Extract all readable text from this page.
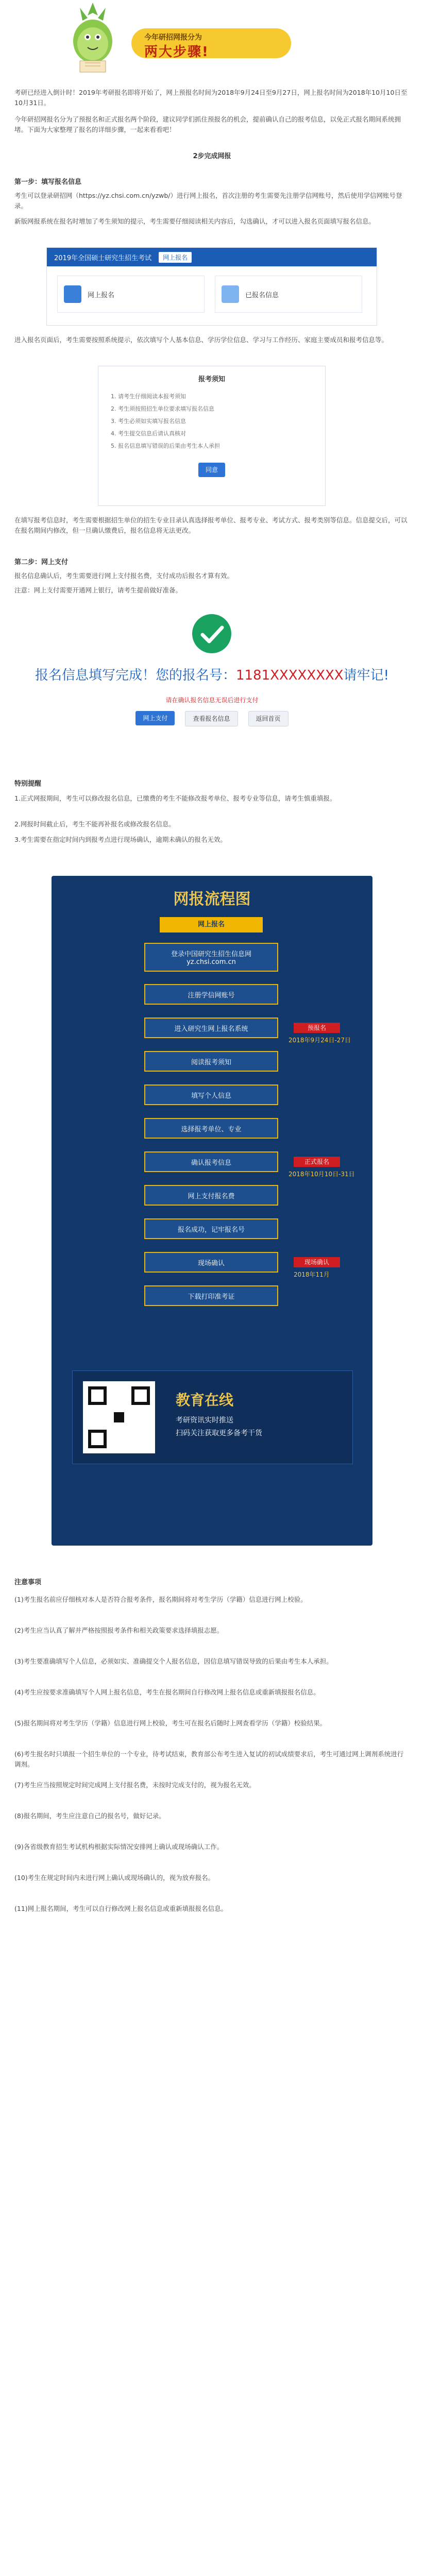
今年研招网报分为
两大步骤!
考研已经进入倒计时！2019年考研报名即将开始了，网上预报名时间为2018年9月24日至9月27日，网上报名时间为2018年10月10日至10月31日。
今年研招网报名分为了预报名和正式报名两个阶段，建议同学们抓住预报名的机会，提前确认自己的报考信息，以免正式报名期间系统拥堵。下面为大家整理了报名的详细步骤，一起来看看吧！
2步完成网报
第一步：填写报名信息
考生可以登录研招网（https://yz.chsi.com.cn/yzwb/）进行网上报名，首次注册的考生需要先注册学信网账号，然后使用学信网账号登录。
新版网报系统在报名时增加了考生须知的提示，考生需要仔细阅读相关内容后，勾选确认，才可以进入报名页面填写报名信息。
2019年全国硕士研究生招生考试	网上报名
网上报名	已报名信息
进入报名页面后，考生需要按照系统提示，依次填写个人基本信息、学历学位信息、学习与工作经历、家庭主要成员和报考信息等。
报考须知
1. 请考生仔细阅读本报考须知
2. 考生须按照招生单位要求填写报名信息
3. 考生必须如实填写报名信息
4. 考生提交信息后请认真核对
5. 报名信息填写错误的后果由考生本人承担
同意
在填写报考信息时，考生需要根据招生单位的招生专业目录认真选择报考单位、报考专业、考试方式、报考类别等信息。信息提交后，可以在报名期间内修改，但一旦确认缴费后，报名信息将无法更改。
第二步：网上支付
报名信息确认后，考生需要进行网上支付报名费，支付成功后报名才算有效。
注意：网上支付需要开通网上银行，请考生提前做好准备。
报名信息填写完成！您的报名号：1181XXXXXXXX请牢记!
请在确认报名信息无误后进行支付
网上支付	查看报名信息	返回首页
特别提醒
1.正式网报期间，考生可以修改报名信息，已缴费的考生不能修改报考单位、报考专业等信息，请考生慎重填报。
2.网报时间截止后，考生不能再补报名或修改报名信息。
3.考生需要在指定时间内到报考点进行现场确认，逾期未确认的报名无效。
网报流程图
网上报名
登录中国研究生招生信息网
yz.chsi.com.cn
注册学信网账号
进入研究生网上报名系统
阅读报考须知
填写个人信息
选择报考单位、专业
确认报考信息
网上支付报名费
报名成功，记牢报名号
现场确认
下载打印准考证
预报名
2018年9月24日-27日
正式报名
2018年10月10日-31日
现场确认
2018年11月
教育在线
考研资讯实时推送
扫码关注获取更多备考干货
注意事项
(1)考生报名前应仔细核对本人是否符合报考条件，报名期间将对考生学历（学籍）信息进行网上校验。
(2)考生应当认真了解并严格按照报考条件和相关政策要求选择填报志愿。
(3)考生要准确填写个人信息，必须如实、准确提交个人报名信息，因信息填写错误导致的后果由考生本人承担。
(4)考生应按要求准确填写个人网上报名信息，考生在报名期间自行修改网上报名信息或重新填报报名信息。
(5)报名期间将对考生学历（学籍）信息进行网上校验，考生可在报名后随时上网查看学历（学籍）校验结果。
(6)考生报名时只填报一个招生单位的一个专业，待考试结束，教育部公布考生进入复试的初试成绩要求后，考生可通过网上调剂系统进行调剂。
(7)考生应当按照规定时间完成网上支付报名费，未按时完成支付的，视为报名无效。
(8)报名期间，考生应注意自己的报名号，做好记录。
(9)各省级教育招生考试机构根据实际情况安排网上确认或现场确认工作。
(10)考生在规定时间内未进行网上确认或现场确认的，视为放弃报名。
(11)网上报名期间，考生可以自行修改网上报名信息或重新填报报名信息。
